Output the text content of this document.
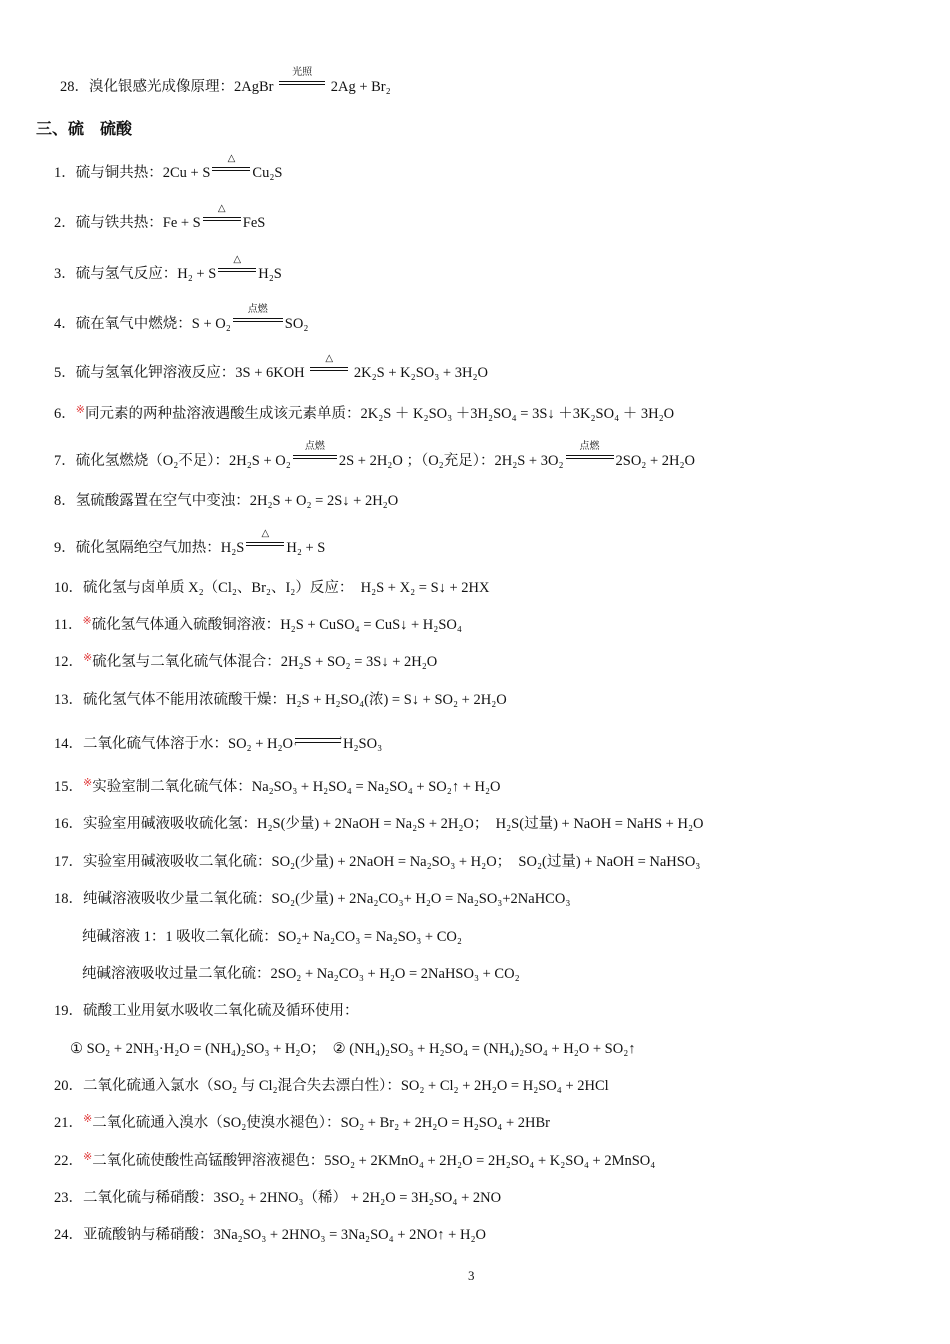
28．溴化银感光成像原理：2AgBr
光照
2Ag + Br₂
三、硫　硫酸
1．硫与铜共热：2Cu + S
△
Cu₂S
2．硫与铁共热：Fe + S
△
FeS
3．硫与氢气反应：H₂ + S
△
H₂S
4．硫在氧气中燃烧：S + O₂
点燃
SO₂
5．硫与氢氧化钾溶液反应：3S + 6KOH
△
2K₂S + K₂SO₃ + 3H₂O
6．※同元素的两种盐溶液遇酸生成该元素单质：2K₂S ＋ K₂SO₃ ＋3H₂SO₄ = 3S↓ ＋3K₂SO₄ ＋ 3H₂O
7．硫化氢燃烧（O₂不足）：2H₂S + O₂
点燃
2S + 2H₂O ；（O₂充足）：2H₂S + 3O₂
点燃
2SO₂ + 2H₂O
8．氢硫酸露置在空气中变浊：2H₂S + O₂ = 2S↓ + 2H₂O
9．硫化氢隔绝空气加热：H₂S
△
H₂ + S
10．硫化氢与卤单质 X₂（Cl₂、Br₂、I₂）反应：　H₂S + X₂ = S↓ + 2HX
11．※硫化氢气体通入硫酸铜溶液：H₂S + CuSO₄ = CuS↓ + H₂SO₄
12．※硫化氢与二氧化硫气体混合：2H₂S + SO₂ = 3S↓ + 2H₂O
13．硫化氢气体不能用浓硫酸干燥：H₂S + H₂SO₄(浓) = S↓ + SO₂ + 2H₂O
14．二氧化硫气体溶于水：SO₂ + H₂O	›
‹	H₂SO₃
15．※实验室制二氧化硫气体：Na₂SO₃ + H₂SO₄ = Na₂SO₄ + SO₂↑ + H₂O
16．实验室用碱液吸收硫化氢：H₂S(少量) + 2NaOH = Na₂S + 2H₂O；　H₂S(过量) + NaOH = NaHS + H₂O
17．实验室用碱液吸收二氧化硫：SO₂(少量) + 2NaOH = Na₂SO₃ + H₂O；　SO₂(过量) + NaOH = NaHSO₃
18．纯碱溶液吸收少量二氧化硫：SO₂(少量) + 2Na₂CO₃+ H₂O = Na₂SO₃+2NaHCO₃
纯碱溶液 1：1 吸收二氧化硫：SO₂+ Na₂CO₃ = Na₂SO₃ + CO₂
纯碱溶液吸收过量二氧化硫：2SO₂ + Na₂CO₃ + H₂O = 2NaHSO₃ + CO₂
19．硫酸工业用氨水吸收二氧化硫及循环使用：
① SO₂ + 2NH₃·H₂O = (NH₄)₂SO₃ + H₂O；　② (NH₄)₂SO₃ + H₂SO₄ = (NH₄)₂SO₄ + H₂O + SO₂↑
20．二氧化硫通入氯水（SO₂ 与 Cl₂混合失去漂白性）：SO₂ + Cl₂ + 2H₂O = H₂SO₄ + 2HCl
21．※二氧化硫通入溴水（SO₂使溴水褪色）：SO₂ + Br₂ + 2H₂O = H₂SO₄ + 2HBr
22．※二氧化硫使酸性高锰酸钾溶液褪色：5SO₂ + 2KMnO₄ + 2H₂O = 2H₂SO₄ + K₂SO₄ + 2MnSO₄
23．二氧化硫与稀硝酸：3SO₂ + 2HNO₃（稀） + 2H₂O = 3H₂SO₄ + 2NO
24．亚硫酸钠与稀硝酸：3Na₂SO₃ + 2HNO₃ = 3Na₂SO₄ + 2NO↑ + H₂O
3
